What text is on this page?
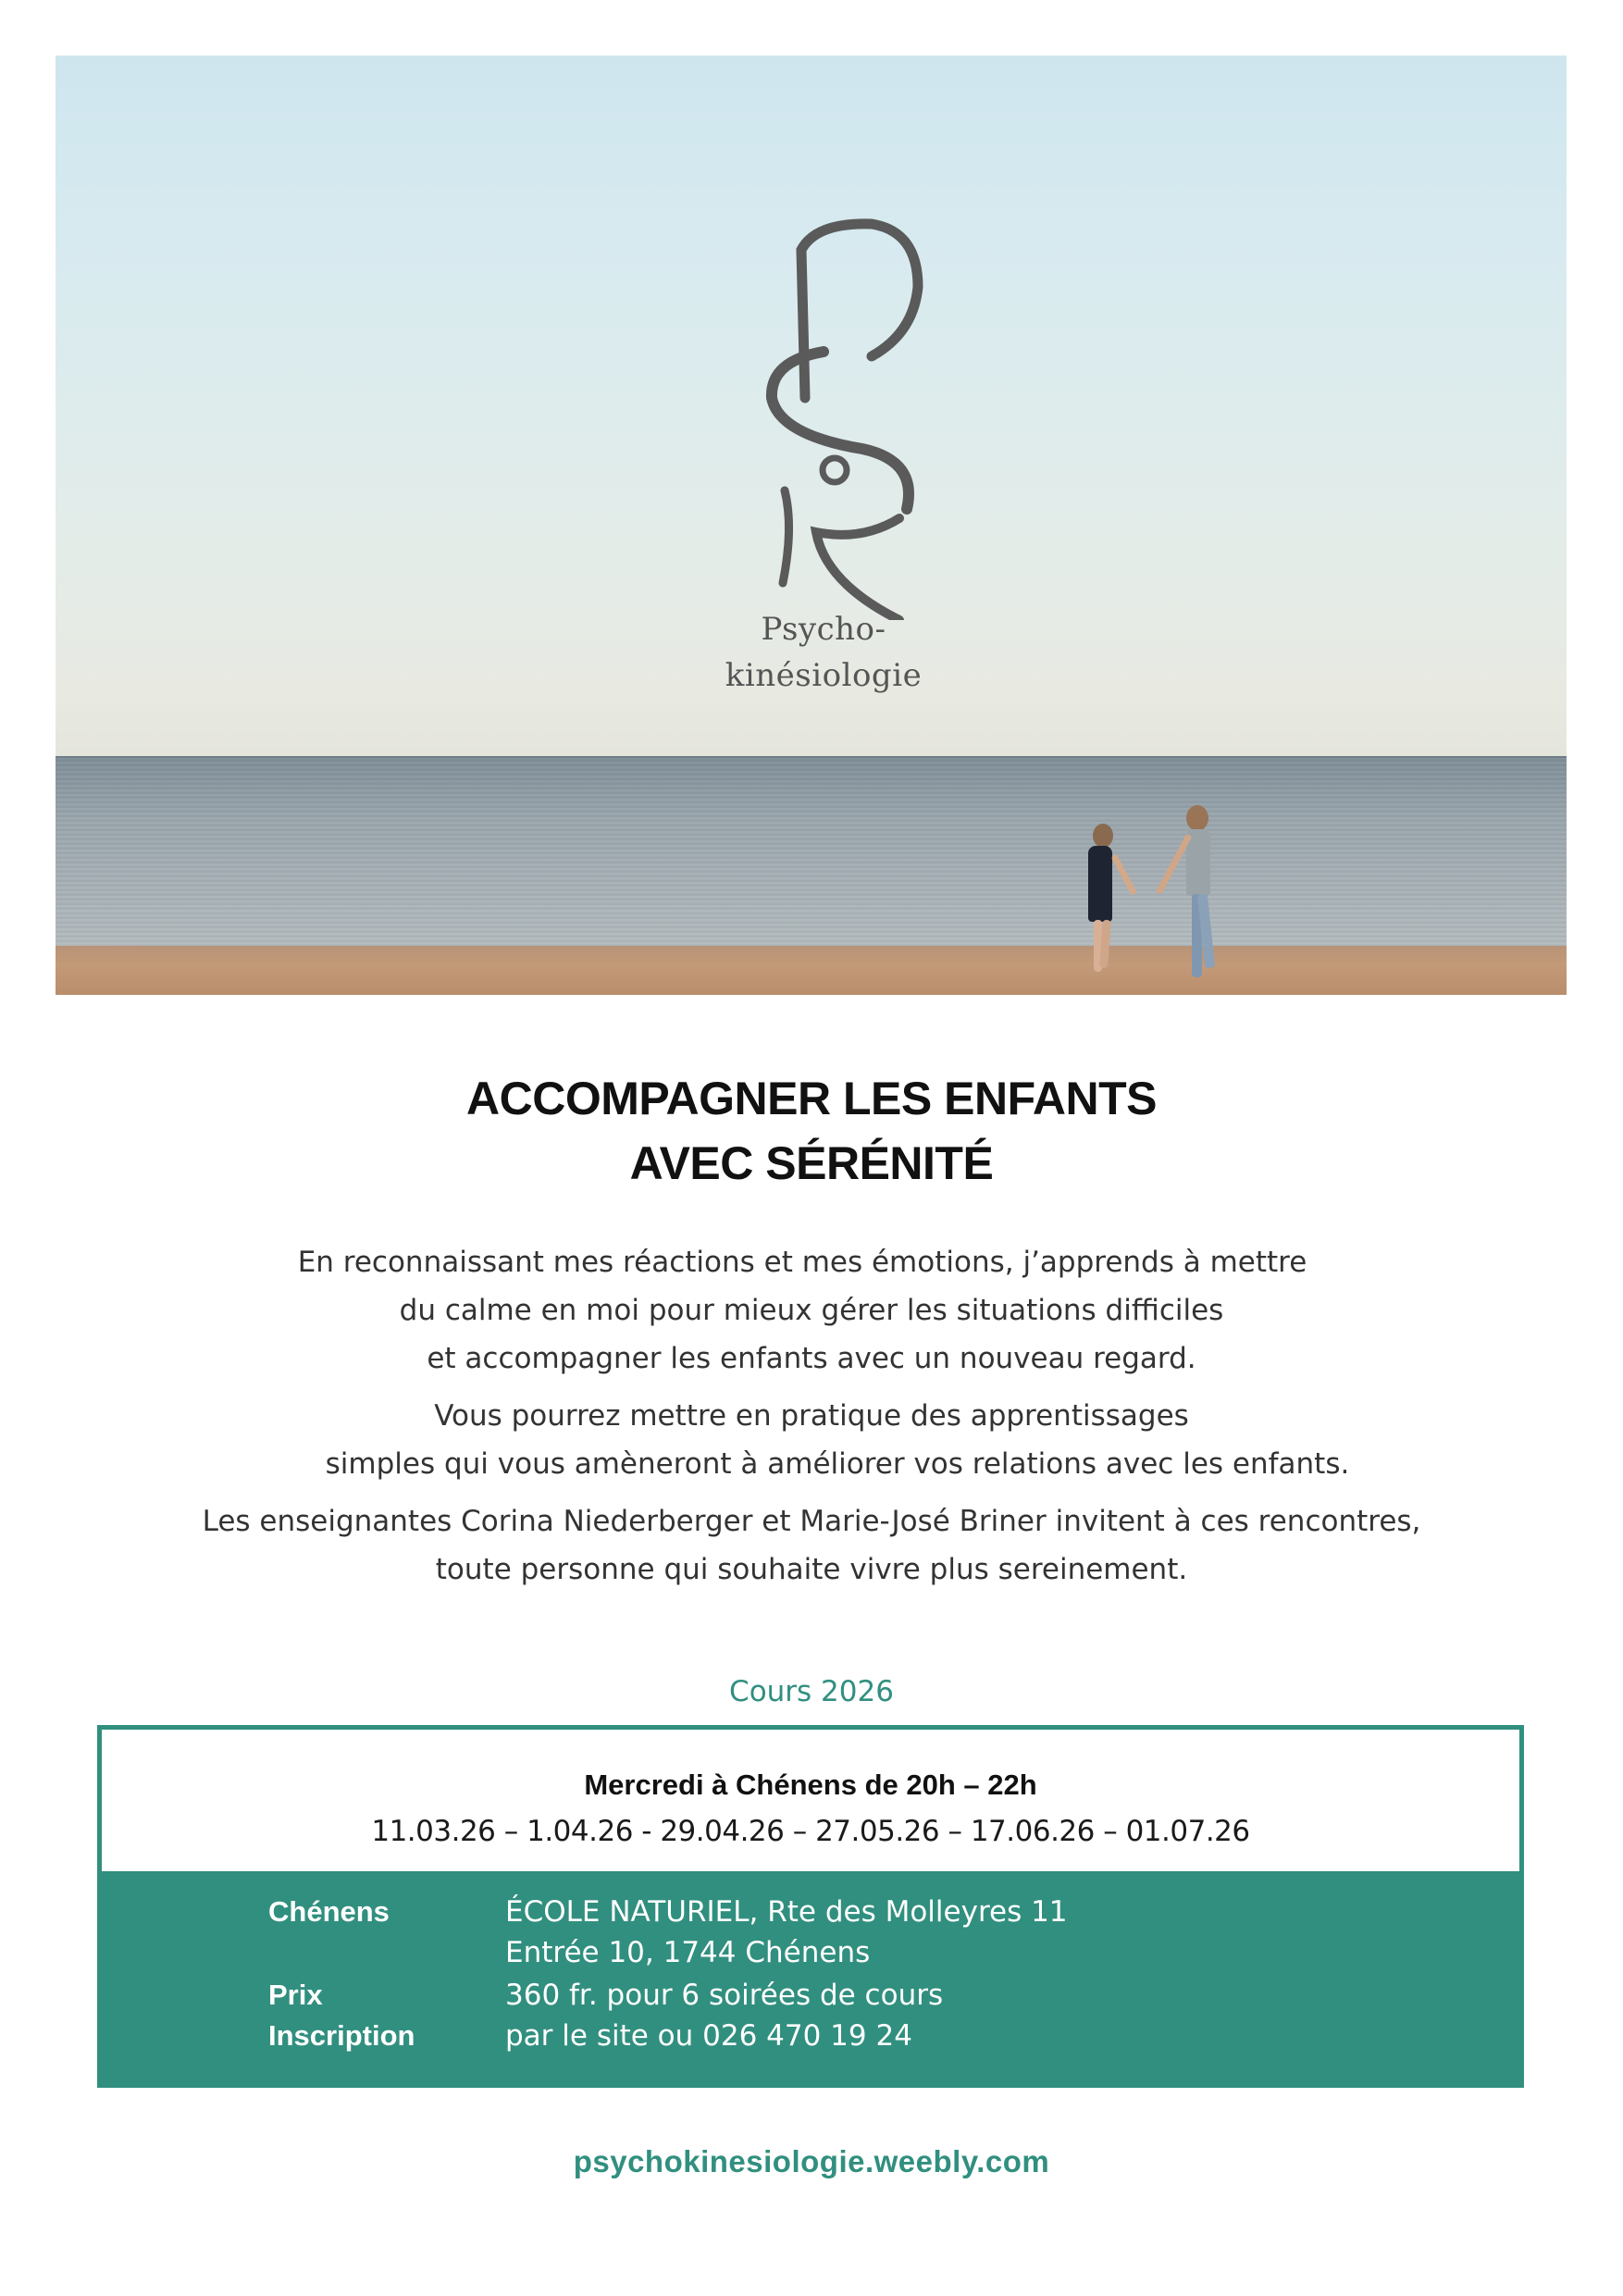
Psycho-
kinésiologie
ACCOMPAGNER LES ENFANTS
AVEC SÉRÉNITÉ
En reconnaissant mes réactions et mes émotions, j’apprends à mettre
du calme en moi pour mieux gérer les situations difficiles
et accompagner les enfants avec un nouveau regard.
Vous pourrez mettre en pratique des apprentissages
simples qui vous amèneront à améliorer vos relations avec les enfants.
Les enseignantes Corina Niederberger et Marie-José Briner invitent à ces rencontres,
toute personne qui souhaite vivre plus sereinement.
Cours 2026
Mercredi à Chénens de 20h – 22h
11.03.26 – 1.04.26 - 29.04.26 – 27.05.26 – 17.06.26 – 01.07.26
Chénens	ÉCOLE NATURIEL, Rte des Molleyres 11
Entrée 10, 1744 Chénens
Prix	360 fr. pour 6 soirées de cours
Inscription	par le site ou 026 470 19 24
psychokinesiologie.weebly.com
